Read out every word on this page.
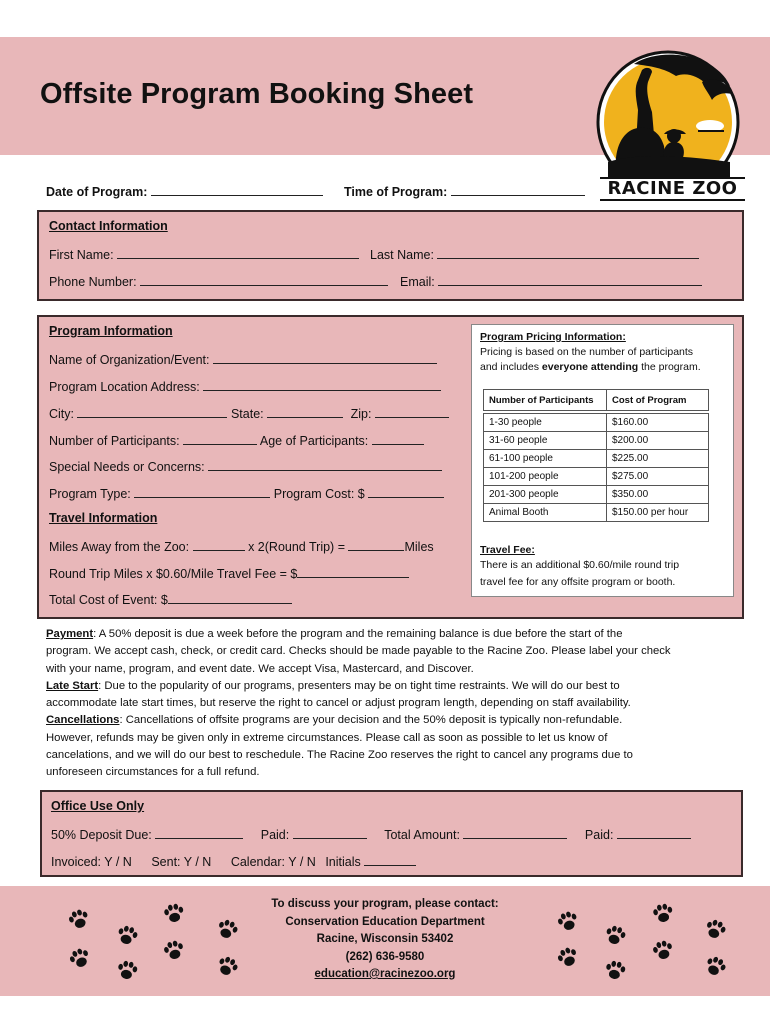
Offsite Program Booking Sheet
RACINE ZOO
Date of Program:	Time of Program:
Contact Information
First Name:	Last Name:
Phone Number:	Email:
Program Information
Name of Organization/Event:
Program Location Address:
City:	State:	Zip:
Number of Participants:	Age of Participants:
Special Needs or Concerns:
Program Type:	Program Cost: $
Travel Information
Miles Away from the Zoo:	x 2(Round Trip) =	Miles
Round Trip Miles x $0.60/Mile Travel Fee = $
Total Cost of Event: $
Program Pricing Information:
Pricing is based on the number of participants
and includes everyone attending the program.
Number of Participants	Cost of Program

1-30 people	$160.00
31-60 people	$200.00
61-100 people	$225.00
101-200 people	$275.00
201-300 people	$350.00
Animal Booth	$150.00 per hour
Travel Fee:
There is an additional $0.60/mile round trip
travel fee for any offsite program or booth.
Payment: A 50% deposit is due a week before the program and the remaining balance is due before the start of the
program. We accept cash, check, or credit card. Checks should be made payable to the Racine Zoo. Please label your check
with your name, program, and event date. We accept Visa, Mastercard, and Discover.
Late Start: Due to the popularity of our programs, presenters may be on tight time restraints. We will do our best to
accommodate late start times, but reserve the right to cancel or adjust program length, depending on staff availability.
Cancellations: Cancellations of offsite programs are your decision and the 50% deposit is typically non-refundable.
However, refunds may be given only in extreme circumstances. Please call as soon as possible to let us know of
cancelations, and we will do our best to reschedule. The Racine Zoo reserves the right to cancel any programs due to
unforeseen circumstances for a full refund.
Office Use Only
50% Deposit Due:	Paid:	Total Amount:	Paid:
Invoiced: Y / N Sent: Y / N Calendar: Y / N Initials
To discuss your program, please contact:
Conservation Education Department
Racine, Wisconsin 53402
(262) 636-9580
education@racinezoo.org
